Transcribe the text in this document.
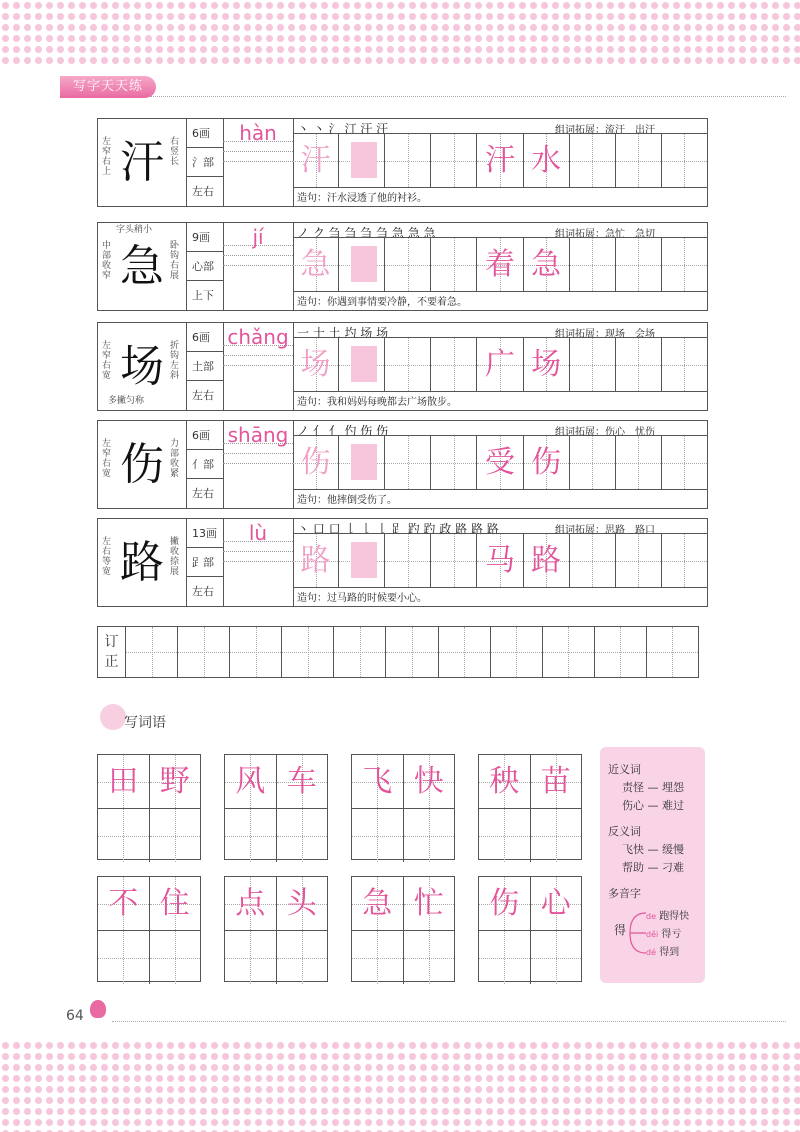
写字天天练
左窄右上
右竖长
汗
6画
氵部
左右
hàn	丶 丶 氵 汀 汗 汗	组词拓展：流汗　出汗
汗	汗 水
造句：汗水浸透了他的衬衫。
中部收窄
卧钩右展
字头稍小
急
9画
心部
上下
jí	ノ ク 刍 刍 刍 刍 急 急 急	组词拓展：急忙　急切
急	着 急
造句：你遇到事情要冷静，不要着急。
左窄右宽
折钩左斜
多撇匀称
场
6画
土部
左右
chǎng 一 十 土 圴 场 场	组词拓展：现场　会场
场	广 场
造句：我和妈妈每晚都去广场散步。
左窄右宽
力部收紧
伤
6画
亻部
左右
shāng ノ 亻 亻 仢 伤 伤	组词拓展：伤心　忧伤
伤	受 伤
造句：他摔倒受伤了。
左右等宽
撇收捺展
路
13画
𧾷部
左右
lù	丶 口 口 𠄌 𠄌 𠄌 𧾷 趵 趵 政 路 路 路	组词拓展：思路　路口
路	马 路
造句：过马路的时候要小心。
订
正
写词语
田 野	风 车	飞 快	秧 苗
不 住	点 头	急 忙	伤 心
近义词
责怪 — 埋怨
伤心 — 难过
反义词
飞快 — 缓慢
帮助 — 刁难
多音字
得
de 跑得快
děi 得亏
dé 得到
64
